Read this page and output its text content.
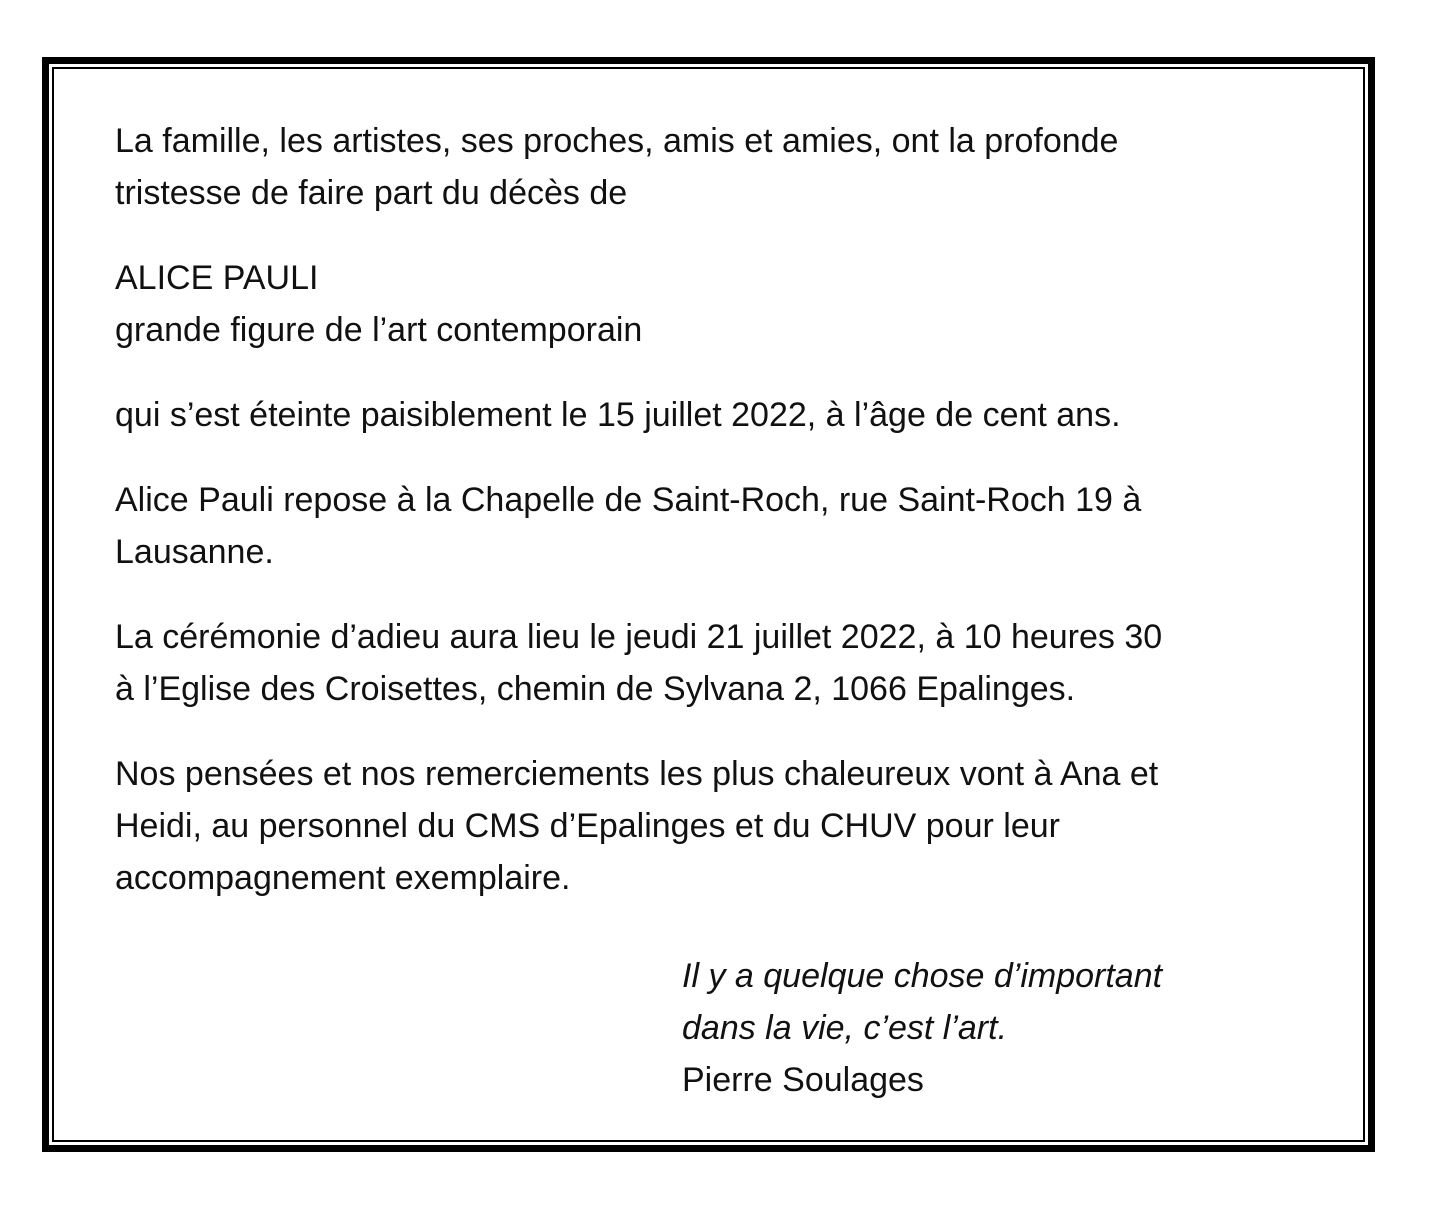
La famille, les artistes, ses proches, amis et amies, ont la profonde
tristesse de faire part du décès de

ALICE PAULI
grande figure de l’art contemporain

qui s’est éteinte paisiblement le 15 juillet 2022, à l’âge de cent ans.

Alice Pauli repose à la Chapelle de Saint-Roch, rue Saint-Roch 19 à
Lausanne.

La cérémonie d’adieu aura lieu le jeudi 21 juillet 2022, à 10 heures 30
à l’Eglise des Croisettes, chemin de Sylvana 2, 1066 Epalinges.

Nos pensées et nos remerciements les plus chaleureux vont à Ana et
Heidi, au personnel du CMS d’Epalinges et du CHUV pour leur
accompagnement exemplaire.

Il y a quelque chose d’important
dans la vie, c’est l’art.
Pierre Soulages
